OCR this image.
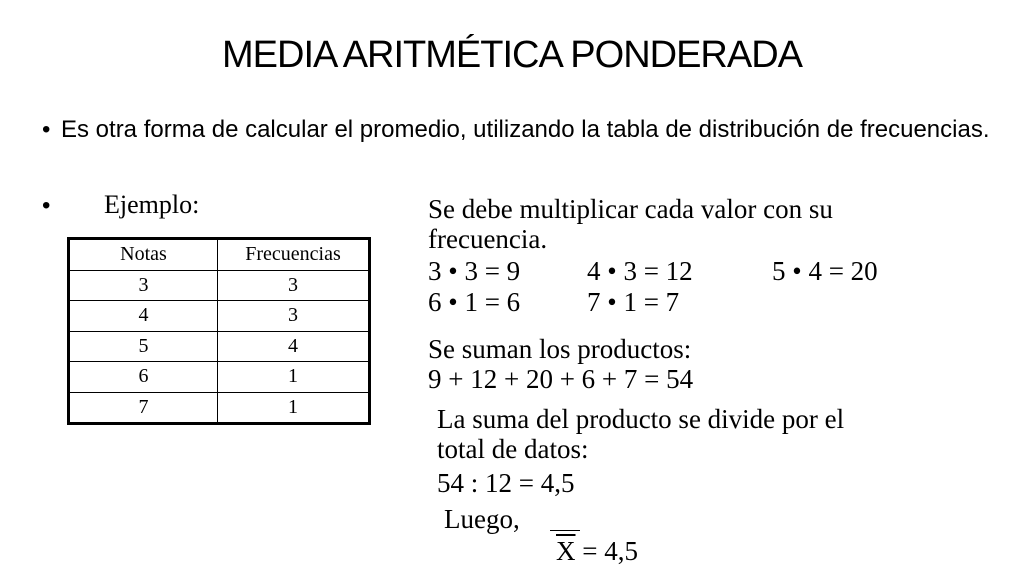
MEDIA ARITMÉTICA PONDERADA
• Es otra forma de calcular el promedio, utilizando la tabla de distribución de frecuencias.
• Ejemplo:
Notas	Frecuencias
3	3
4	3
5	4
6	1
7	1
Se debe multiplicar cada valor con su
frecuencia.
3 • 3 = 9 4 • 3 = 12	5 • 4 = 20
6 • 1 = 6 7 • 1 = 7
Se suman los productos:
9 + 12 + 20 + 6 + 7 = 54
La suma del producto se divide por el
total de datos:
54 : 12 = 4,5
Luego,
$\overline{X} = 4,5$
